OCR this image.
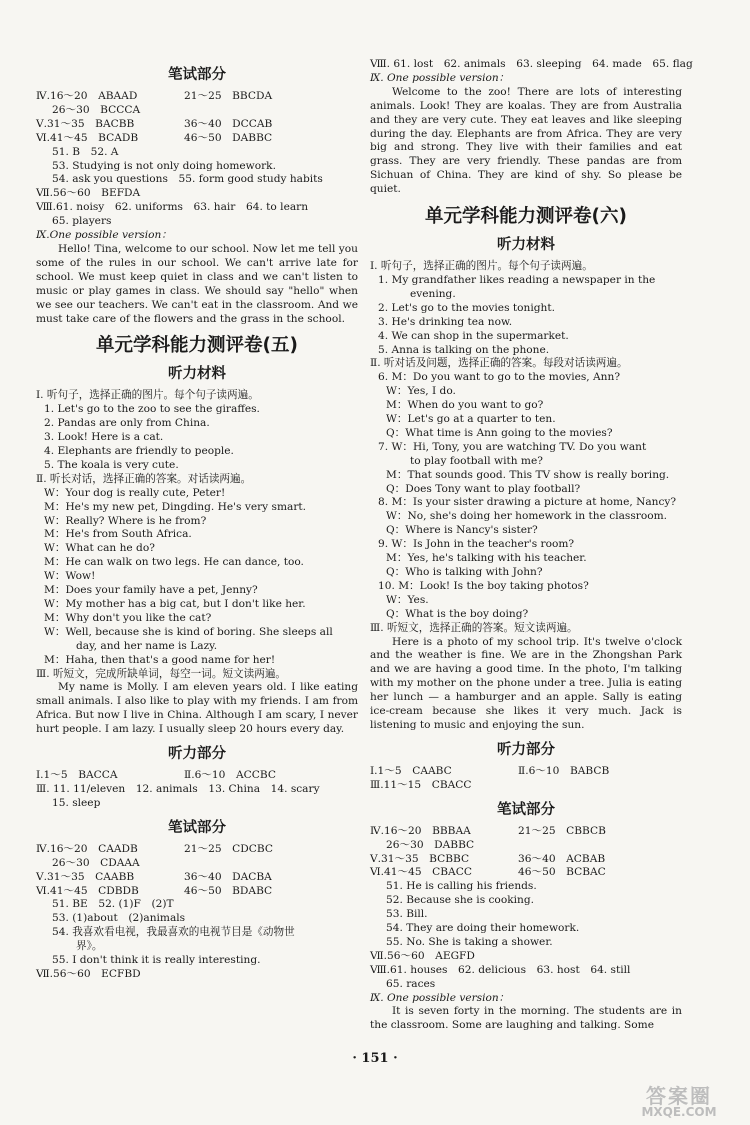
笔试部分
Ⅳ.16～20　ABAAD	21～25　BBCDA
26～30　BCCCA
Ⅴ.31～35　BACBB	36～40　DCCAB
Ⅵ.41～45　BCADB	46～50　DABBC
51. B　52. A
53. Studying is not only doing homework.
54. ask you questions　55. form good study habits
Ⅶ.56～60　BEFDA
Ⅷ.61. noisy　62. uniforms　63. hair　64. to learn
65. players
Ⅸ.One possible version：
Hello! Tina, welcome to our school. Now let me tell you some of the rules in our school. We can't arrive late for school. We must keep quiet in class and we can't listen to music or play games in class. We should say "hello" when we see our teachers. We can't eat in the classroom. And we must take care of the flowers and the grass in the school.
单元学科能力测评卷(五)
听力材料
Ⅰ. 听句子，选择正确的图片。每个句子读两遍。
1. Let's go to the zoo to see the giraffes.
2. Pandas are only from China.
3. Look! Here is a cat.
4. Elephants are friendly to people.
5. The koala is very cute.
Ⅱ. 听长对话，选择正确的答案。对话读两遍。
W：Your dog is really cute, Peter!
M：He's my new pet, Dingding. He's very smart.
W：Really? Where is he from?
M：He's from South Africa.
W：What can he do?
M：He can walk on two legs. He can dance, too.
W：Wow!
M：Does your family have a pet, Jenny?
W：My mother has a big cat, but I don't like her.
M：Why don't you like the cat?
W：Well, because she is kind of boring. She sleeps all
day, and her name is Lazy.
M：Haha, then that's a good name for her!
Ⅲ. 听短文，完成所缺单词，每空一词。短文读两遍。
My name is Molly. I am eleven years old. I like eating small animals. I also like to play with my friends. I am from Africa. But now I live in China. Although I am scary, I never hurt people. I am lazy. I usually sleep 20 hours every day.
听力部分
Ⅰ.1～5　BACCA	Ⅱ.6～10　ACCBC
Ⅲ. 11. 11/eleven　12. animals　13. China　14. scary
15. sleep
笔试部分
Ⅳ.16～20　CAADB	21～25　CDCBC
26～30　CDAAA
Ⅴ.31～35　CAABB	36～40　DACBA
Ⅵ.41～45　CDBDB	46～50　BDABC
51. BE　52. (1)F　(2)T
53. (1)about　(2)animals
54. 我喜欢看电视，我最喜欢的电视节目是《动物世
界》。
55. I don't think it is really interesting.
Ⅶ.56～60　ECFBD
Ⅷ. 61. lost　62. animals　63. sleeping　64. made　65. flag
Ⅸ. One possible version：
Welcome to the zoo! There are lots of interesting animals. Look! They are koalas. They are from Australia and they are very cute. They eat leaves and like sleeping during the day. Elephants are from Africa. They are very big and strong. They live with their families and eat grass. They are very friendly. These pandas are from Sichuan of China. They are kind of shy. So please be quiet.
单元学科能力测评卷(六)
听力材料
Ⅰ. 听句子，选择正确的图片。每个句子读两遍。
1. My grandfather likes reading a newspaper in the
evening.
2. Let's go to the movies tonight.
3. He's drinking tea now.
4. We can shop in the supermarket.
5. Anna is talking on the phone.
Ⅱ. 听对话及问题，选择正确的答案。每段对话读两遍。
6. M：Do you want to go to the movies, Ann?
W：Yes, I do.
M：When do you want to go?
W：Let's go at a quarter to ten.
Q：What time is Ann going to the movies?
7. W：Hi, Tony, you are watching TV. Do you want
to play football with me?
M：That sounds good. This TV show is really boring.
Q：Does Tony want to play football?
8. M：Is your sister drawing a picture at home, Nancy?
W：No, she's doing her homework in the classroom.
Q：Where is Nancy's sister?
9. W：Is John in the teacher's room?
M：Yes, he's talking with his teacher.
Q：Who is talking with John?
10. M：Look! Is the boy taking photos?
W：Yes.
Q：What is the boy doing?
Ⅲ. 听短文，选择正确的答案。短文读两遍。
Here is a photo of my school trip. It's twelve o'clock and the weather is fine. We are in the Zhongshan Park and we are having a good time. In the photo, I'm talking with my mother on the phone under a tree. Julia is eating her lunch — a hamburger and an apple. Sally is eating ice-cream because she likes it very much. Jack is listening to music and enjoying the sun.
听力部分
Ⅰ.1～5　CAABC	Ⅱ.6～10　BABCB
Ⅲ.11～15　CBACC
笔试部分
Ⅳ.16～20　BBBAA	21～25　CBBCB
26～30　DABBC
Ⅴ.31～35　BCBBC	36～40　ACBAB
Ⅵ.41～45　CBACC	46～50　BCBAC
51. He is calling his friends.
52. Because she is cooking.
53. Bill.
54. They are doing their homework.
55. No. She is taking a shower.
Ⅶ.56～60　AEGFD
Ⅷ.61. houses　62. delicious　63. host　64. still
65. races
Ⅸ. One possible version：
It is seven forty in the morning. The students are in the classroom. Some are laughing and talking. Some
· 151 ·
答案圈
MXQE.COM
